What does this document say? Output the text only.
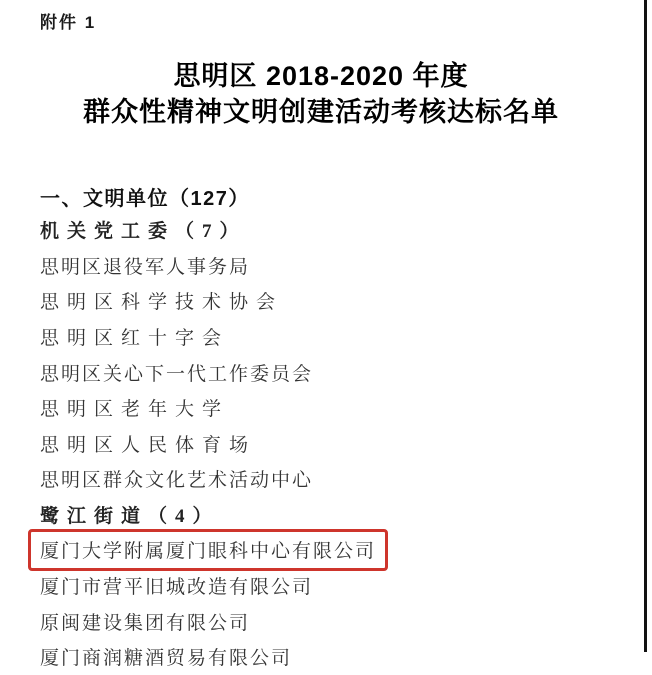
附件 1
思明区 2018-2020 年度
群众性精神文明创建活动考核达标名单
一、文明单位（127）
机关党工委（7）
思明区退役军人事务局
思明区科学技术协会
思明区红十字会
思明区关心下一代工作委员会
思明区老年大学
思明区人民体育场
思明区群众文化艺术活动中心
鹭江街道（4）
厦门大学附属厦门眼科中心有限公司
厦门市营平旧城改造有限公司
原闽建设集团有限公司
厦门商润糖酒贸易有限公司
